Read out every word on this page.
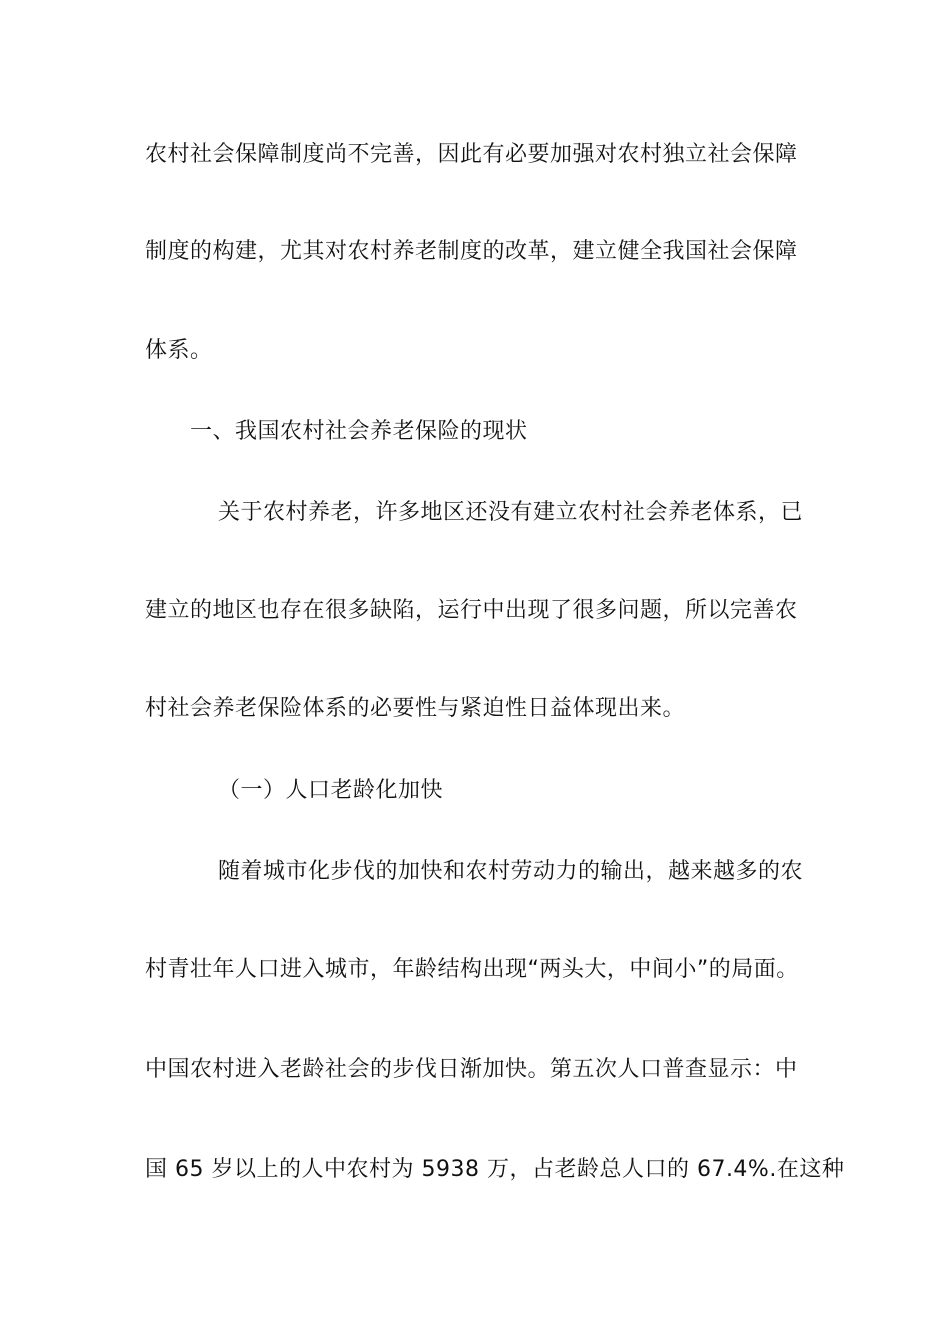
农村社会保障制度尚不完善，因此有必要加强对农村独立社会保障
制度的构建，尤其对农村养老制度的改革，建立健全我国社会保障
体系。
一、我国农村社会养老保险的现状
关于农村养老，许多地区还没有建立农村社会养老体系，已
建立的地区也存在很多缺陷，运行中出现了很多问题，所以完善农
村社会养老保险体系的必要性与紧迫性日益体现出来。
（一）人口老龄化加快
随着城市化步伐的加快和农村劳动力的输出，越来越多的农
村青壮年人口进入城市，年龄结构出现“两头大，中间小”的局面。
中国农村进入老龄社会的步伐日渐加快。第五次人口普查显示：中
国 65 岁以上的人中农村为 5938 万，占老龄总人口的 67.4%.在这种
